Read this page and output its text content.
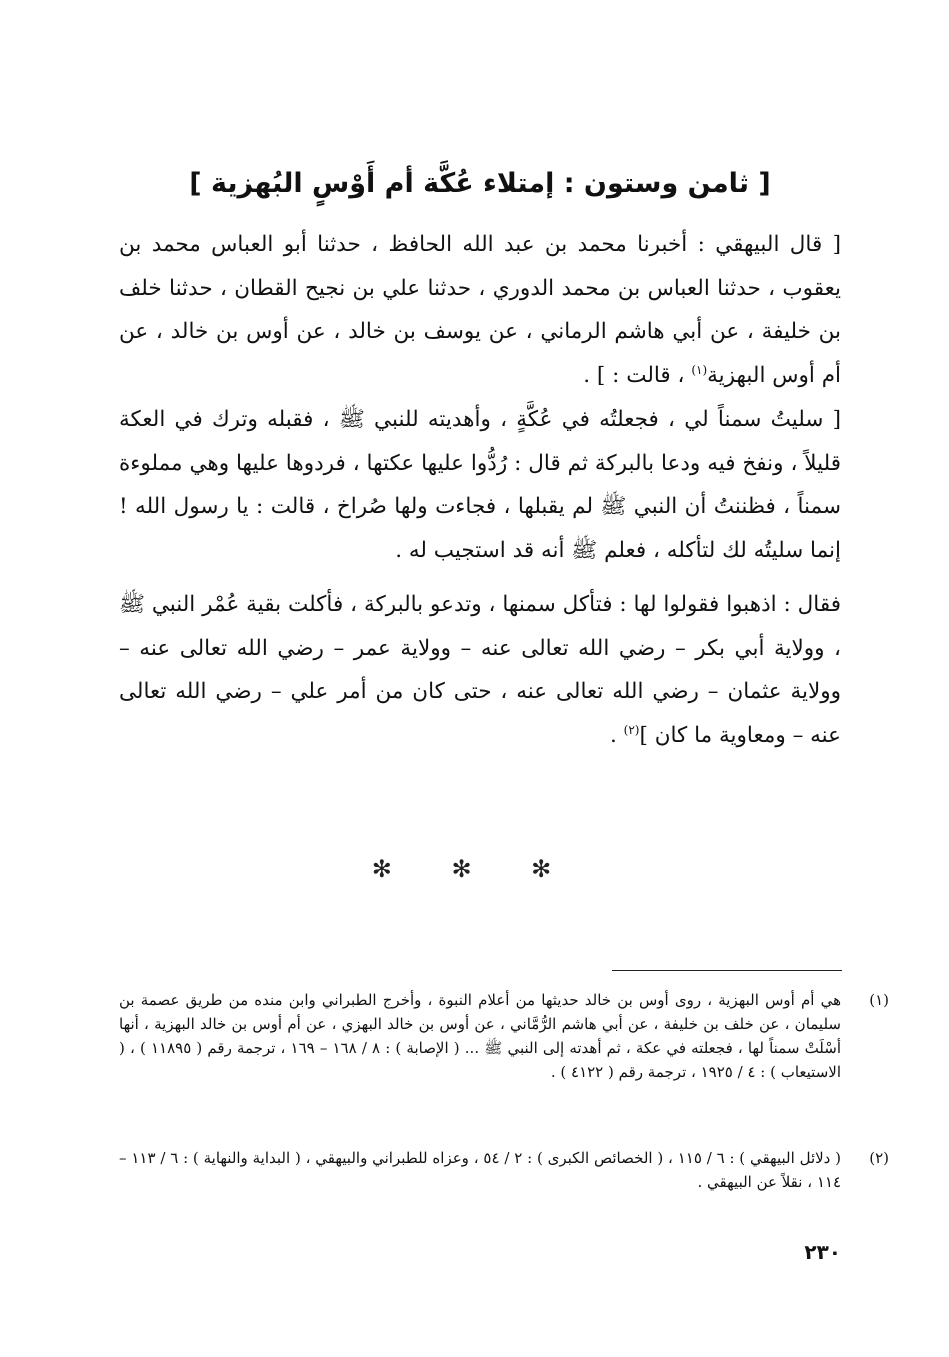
[ ثامن وستون : إمتلاء عُكَّة أم أَوْسٍ البُهزية ]

[ قال البيهقي : أخبرنا محمد بن عبد الله الحافظ ، حدثنا أبو العباس محمد بن يعقوب ، حدثنا العباس بن محمد الدوري ، حدثنا علي بن نجيح القطان ، حدثنا خلف بن خليفة ، عن أبي هاشم الرماني ، عن يوسف بن خالد ، عن أوس بن خالد ، عن أم أوس البهزية$^{(١)}$ ، قالت : ] .

[ سليتُ سمناً لي ، فجعلتُه في عُكَّةٍ ، وأهديته للنبي ﷺ ، فقبله وترك في العكة قليلاً ، ونفخ فيه ودعا بالبركة ثم قال : رُدُّوا عليها عكتها ، فردوها عليها وهي مملوءة سمناً ، فظننتُ أن النبي ﷺ لم يقبلها ، فجاءت ولها صُراخ ، قالت : يا رسول الله ! إنما سليتُه لك لتأكله ، فعلم ﷺ أنه قد استجيب له .

فقال : اذهبوا فقولوا لها : فتأكل سمنها ، وتدعو بالبركة ، فأكلت بقية عُمْر النبي ﷺ ، وولاية أبي بكر – رضي الله تعالى عنه – وولاية عمر – رضي الله تعالى عنه – وولاية عثمان – رضي الله تعالى عنه ، حتى كان من أمر علي – رضي الله تعالى عنه – ومعاوية ما كان ]$^{(٢)}$ .

✻ ✻ ✻
(١)
هي أم أوس البهزية ، روى أوس بن خالد حديثها من أعلام النبوة ، وأخرج الطبراني وابن منده من طريق عصمة بن سليمان ، عن خلف بن خليفة ، عن أبي هاشم الرُّمَّاني ، عن أوس بن خالد البهزي ، عن أم أوس بن خالد البهزية ، أنها أسْلَتْ سمناً لها ، فجعلته في عكة ، ثم أهدته إلى النبي ﷺ ... ( الإصابة ) : ٨ / ١٦٨ – ١٦٩ ، ترجمة رقم ( ١١٨٩٥ ) ، ( الاستيعاب ) : ٤ / ١٩٢٥ ، ترجمة رقم ( ٤١٢٢ ) .
(٢)
( دلائل البيهقي ) : ٦ / ١١٥ ، ( الخصائص الكبرى ) : ٢ / ٥٤ ، وعزاه للطبراني والبيهقي ، ( البداية والنهاية ) : ٦ / ١١٣ – ١١٤ ، نقلاً عن البيهقي .
٢٣٠
